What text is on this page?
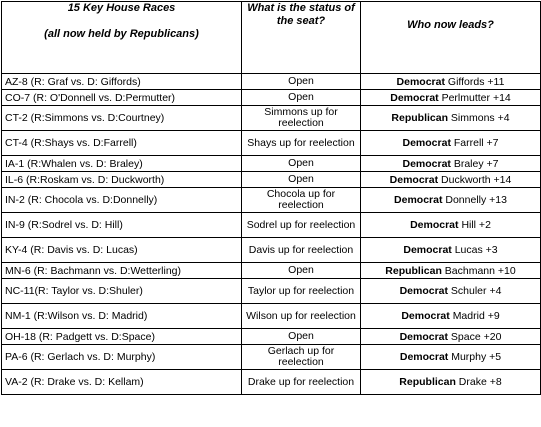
15 Key House Races
(all now held by Republicans)	What is the status of the seat?	Who now leads?
AZ-8 (R: Graf vs. D: Giffords)	Open	Democrat Giffords +11
CO-7 (R: O'Donnell vs. D:Permutter)	Open	Democrat Perlmutter +14
CT-2 (R:Simmons vs. D:Courtney)	Simmons up for reelection	Republican Simmons +4
CT-4 (R:Shays vs. D:Farrell)	Shays up for reelection	Democrat Farrell +7
IA-1 (R:Whalen vs. D: Braley)	Open	Democrat Braley +7
IL-6 (R:Roskam vs. D: Duckworth)	Open	Democrat Duckworth +14
IN-2 (R: Chocola vs. D:Donnelly)	Chocola up for reelection	Democrat Donnelly +13
IN-9 (R:Sodrel vs. D: Hill)	Sodrel up for reelection	Democrat Hill +2
KY-4 (R: Davis vs. D: Lucas)	Davis up for reelection	Democrat Lucas +3
MN-6 (R: Bachmann vs. D:Wetterling)	Open	Republican Bachmann +10
NC-11(R: Taylor vs. D:Shuler)	Taylor up for reelection	Democrat Schuler +4
NM-1 (R:Wilson vs. D: Madrid)	Wilson up for reelection	Democrat Madrid +9
OH-18 (R: Padgett vs. D:Space)	Open	Democrat Space +20
PA-6 (R: Gerlach vs. D: Murphy)	Gerlach up for reelection	Democrat Murphy +5
VA-2 (R: Drake vs. D: Kellam)	Drake up for reelection	Republican Drake +8
